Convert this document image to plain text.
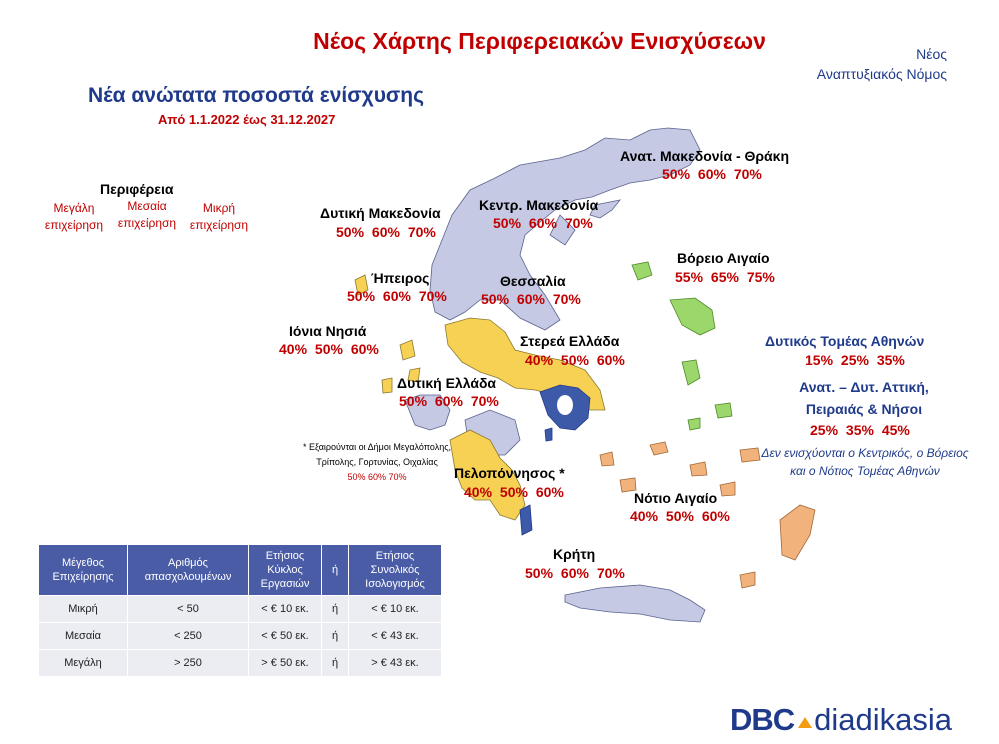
Νέος Χάρτης Περιφερειακών Ενισχύσεων	Νέος
Αναπτυξιακός Νόμος
Νέα ανώτατα ποσοστά ενίσχυσης
Από 1.1.2022 έως 31.12.2027
Περιφέρεια
Μεγάλη επιχείρηση
Μεσαία επιχείρηση
Μικρή επιχείρηση
Ανατ. Μακεδονία - Θράκη
50% 60% 70%
Δυτική Μακεδονία
50% 60% 70%
Κεντρ. Μακεδονία
50% 60% 70%
Βόρειο Αιγαίο
55% 65% 75%
Ήπειρος
50% 60% 70%
Θεσσαλία
50% 60% 70%
Ιόνια Νησιά
40% 50% 60%	Στερεά Ελλάδα
40% 50% 60%
Δυτική Ελλάδα
50% 60% 70%
Πελοπόννησος *
40% 50% 60%	Νότιο Αιγαίο
40% 50% 60%
Κρήτη
50% 60% 70%
Δυτικός Τομέας Αθηνών
15% 25% 35%
Ανατ. – Δυτ. Αττική,
Πειραιάς & Νήσοι
25% 35% 45%
Δεν ενισχύονται ο Κεντρικός, ο Βόρειος
και ο Νότιος Τομέας Αθηνών
* Εξαιρούνται οι Δήμοι Μεγαλόπολης,
Τρίπολης, Γορτυνίας, Οιχαλίας
50% 60% 70%
Μέγεθος Επιχείρησης	Αριθμός απασχολουμένων	Ετήσιος Κύκλος Εργασιών	ή	Ετήσιος Συνολικός Ισολογισμός
Μικρή	< 50	< € 10 εκ.	ή	< € 10 εκ.
Μεσαία	< 250	< € 50 εκ.	ή	< € 43 εκ.
Μεγάλη	> 250	> € 50 εκ.	ή	> € 43 εκ.
DBC diadikasia
